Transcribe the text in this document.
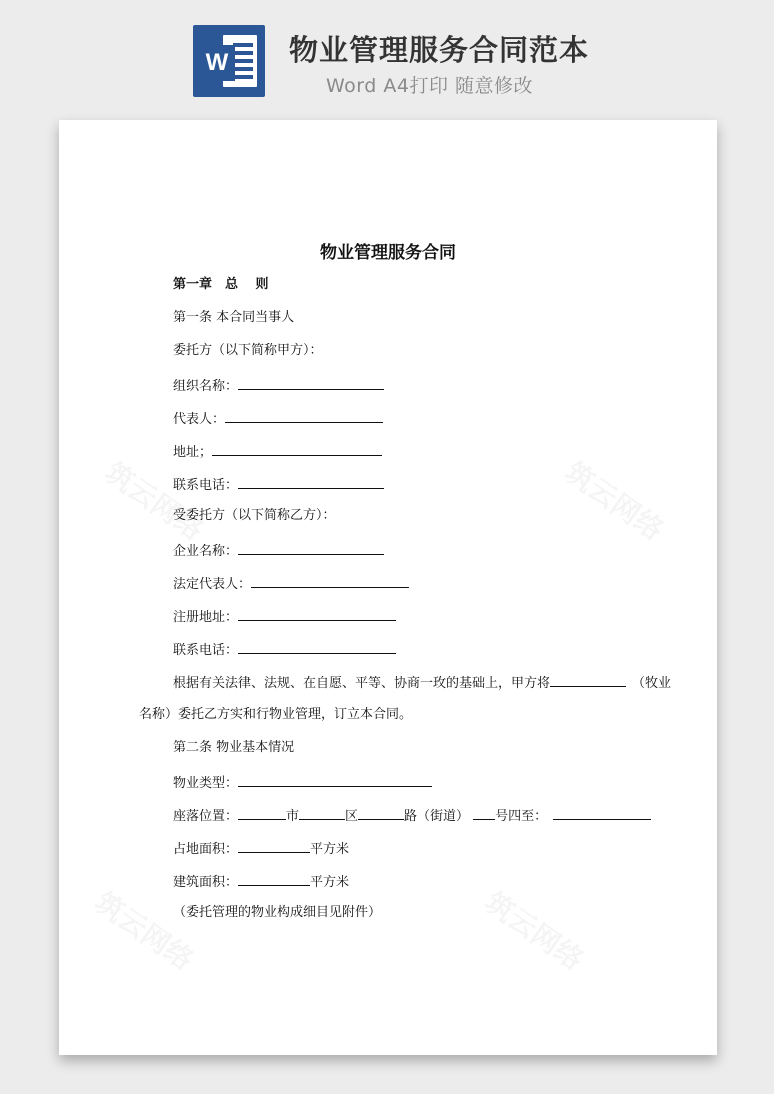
W 物业管理服务合同范本
Word A4打印 随意修改
物业管理服务合同
第一章　总　 则
第一条 本合同当事人
委托方（以下简称甲方）：
组织名称：
代表人：
地址；
联系电话：
受委托方（以下简称乙方）：
企业名称：
法定代表人：
注册地址：
联系电话：
根据有关法律、法规、在自愿、平等、协商一玫的基础上，甲方将	（牧业
名称）委托乙方实和行物业管理，订立本合同。
第二条 物业基本情况
物业类型：
座落位置：	市	区	路（街道） 号四至：
占地面积：	平方米
建筑面积：	平方米
（委托管理的物业构成细目见附件）
